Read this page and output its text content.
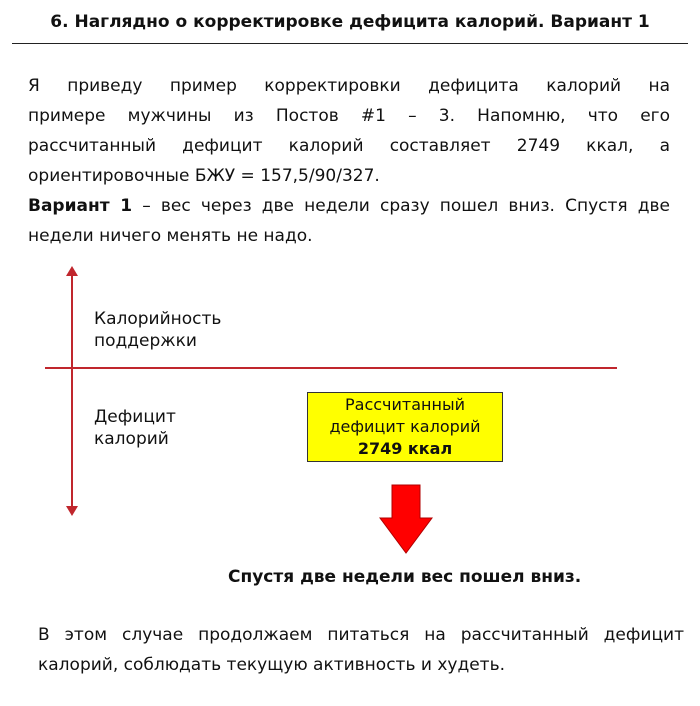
6. Наглядно о корректировке дефицита калорий. Вариант 1
Я приведу пример корректировки дефицита калорий на
примере мужчины из Постов #1 – 3. Напомню, что его
рассчитанный дефицит калорий составляет 2749 ккал, а
ориентировочные БЖУ = 157,5/90/327.
Вариант 1 – вес через две недели сразу пошел вниз. Спустя две
недели ничего менять не надо.
Калорийность
поддержки
Дефицит
калорий
Рассчитанный
дефицит калорий
2749 ккал
Спустя две недели вес пошел вниз.
В этом случае продолжаем питаться на рассчитанный дефицит
калорий, соблюдать текущую активность и худеть.
